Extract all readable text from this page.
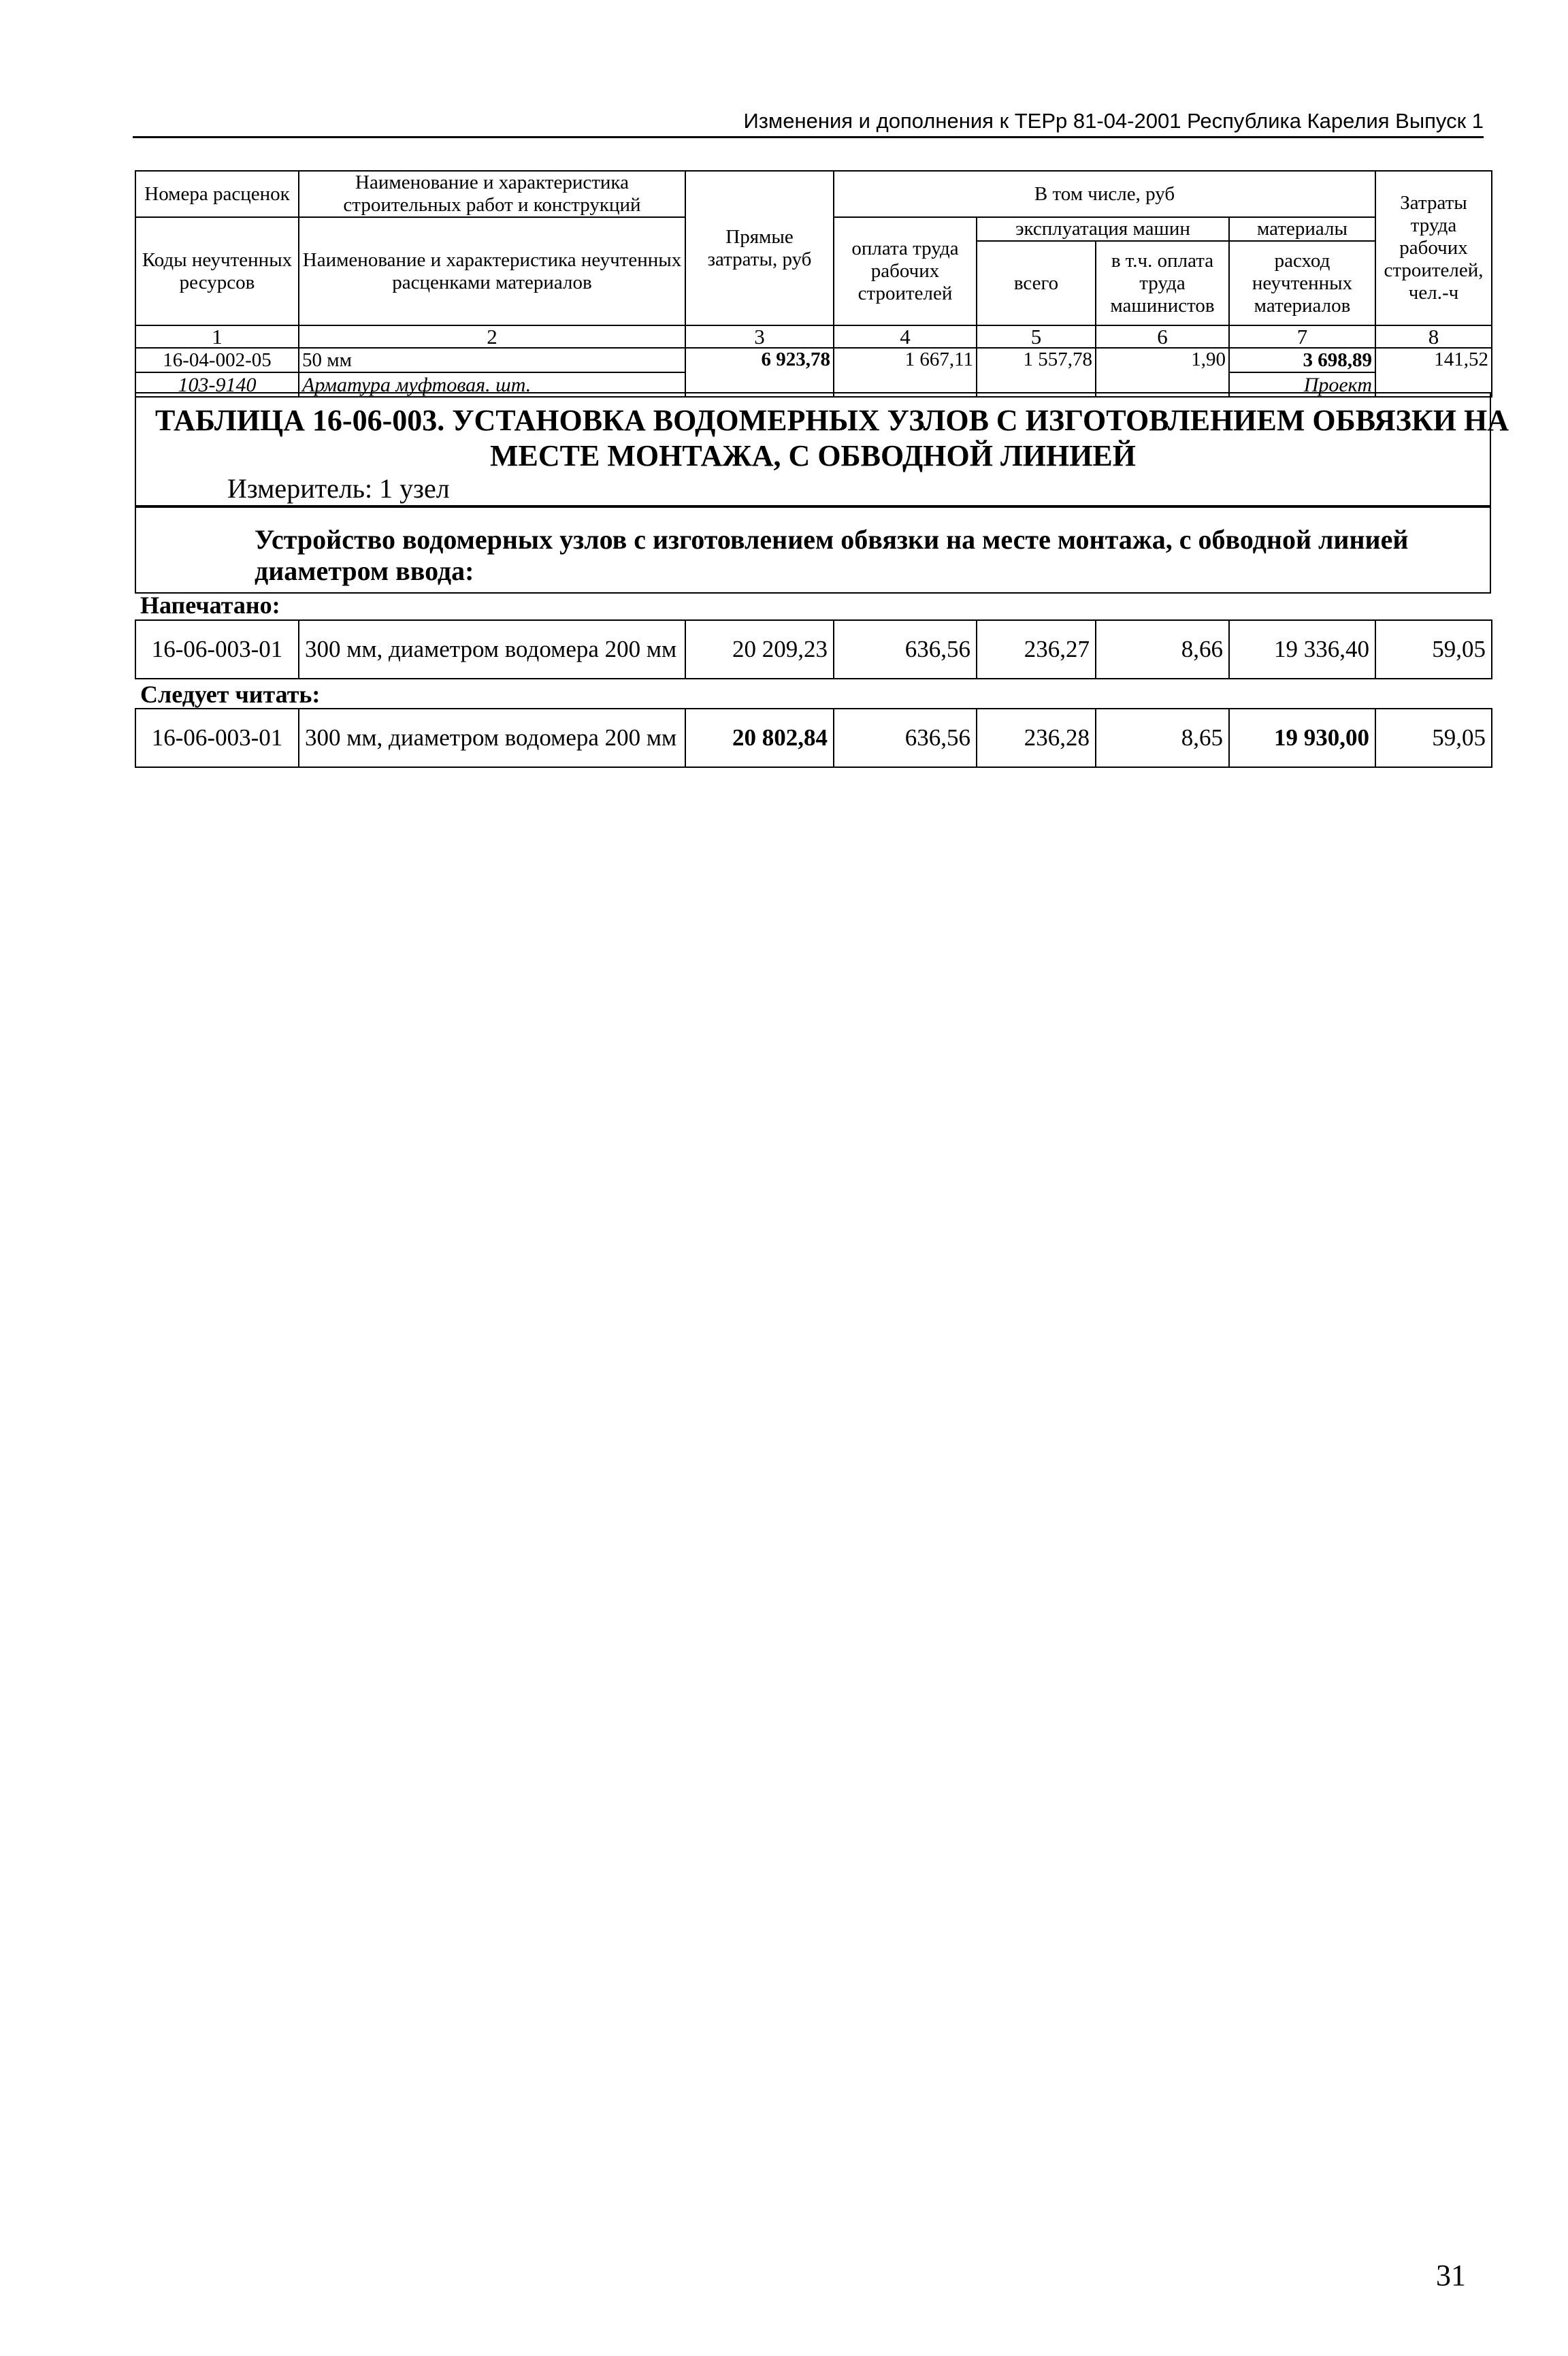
Изменения и дополнения к ТЕРр 81-04-2001 Республика Карелия Выпуск 1
Номера расценок	Наименование и характеристика строительных работ и конструкций	Прямые затраты, руб	В том числе, руб				Затраты труда рабочих строителей, чел.-ч
Коды неучтенных ресурсов	Наименование и характеристика неучтенных расценками материалов		оплата труда рабочих строителей	эксплуатация машин		материалы	
				всего	в т.ч. оплата труда машинистов	расход неучтенных материалов	
1	2	3	4	5	6	7	8
16-04-002-05	50 мм	6 923,78	1 667,11	1 557,78	1,90	3 698,89	141,52
103-9140	Арматура муфтовая. шт.					Проект	
ТАБЛИЦА 16-06-003. УСТАНОВКА ВОДОМЕРНЫХ УЗЛОВ С ИЗГОТОВЛЕНИЕМ ОБВЯЗКИ НА
МЕСТЕ МОНТАЖА, С ОБВОДНОЙ ЛИНИЕЙ
Измеритель: 1 узел
Устройство водомерных узлов с изготовлением обвязки на месте монтажа, с обводной линией диаметром ввода:
Напечатано:
16-06-003-01	300 мм, диаметром водомера 200 мм	20 209,23	636,56	236,27	8,66	19 336,40	59,05
Следует читать:
16-06-003-01	300 мм, диаметром водомера 200 мм	20 802,84	636,56	236,28	8,65	19 930,00	59,05
31
